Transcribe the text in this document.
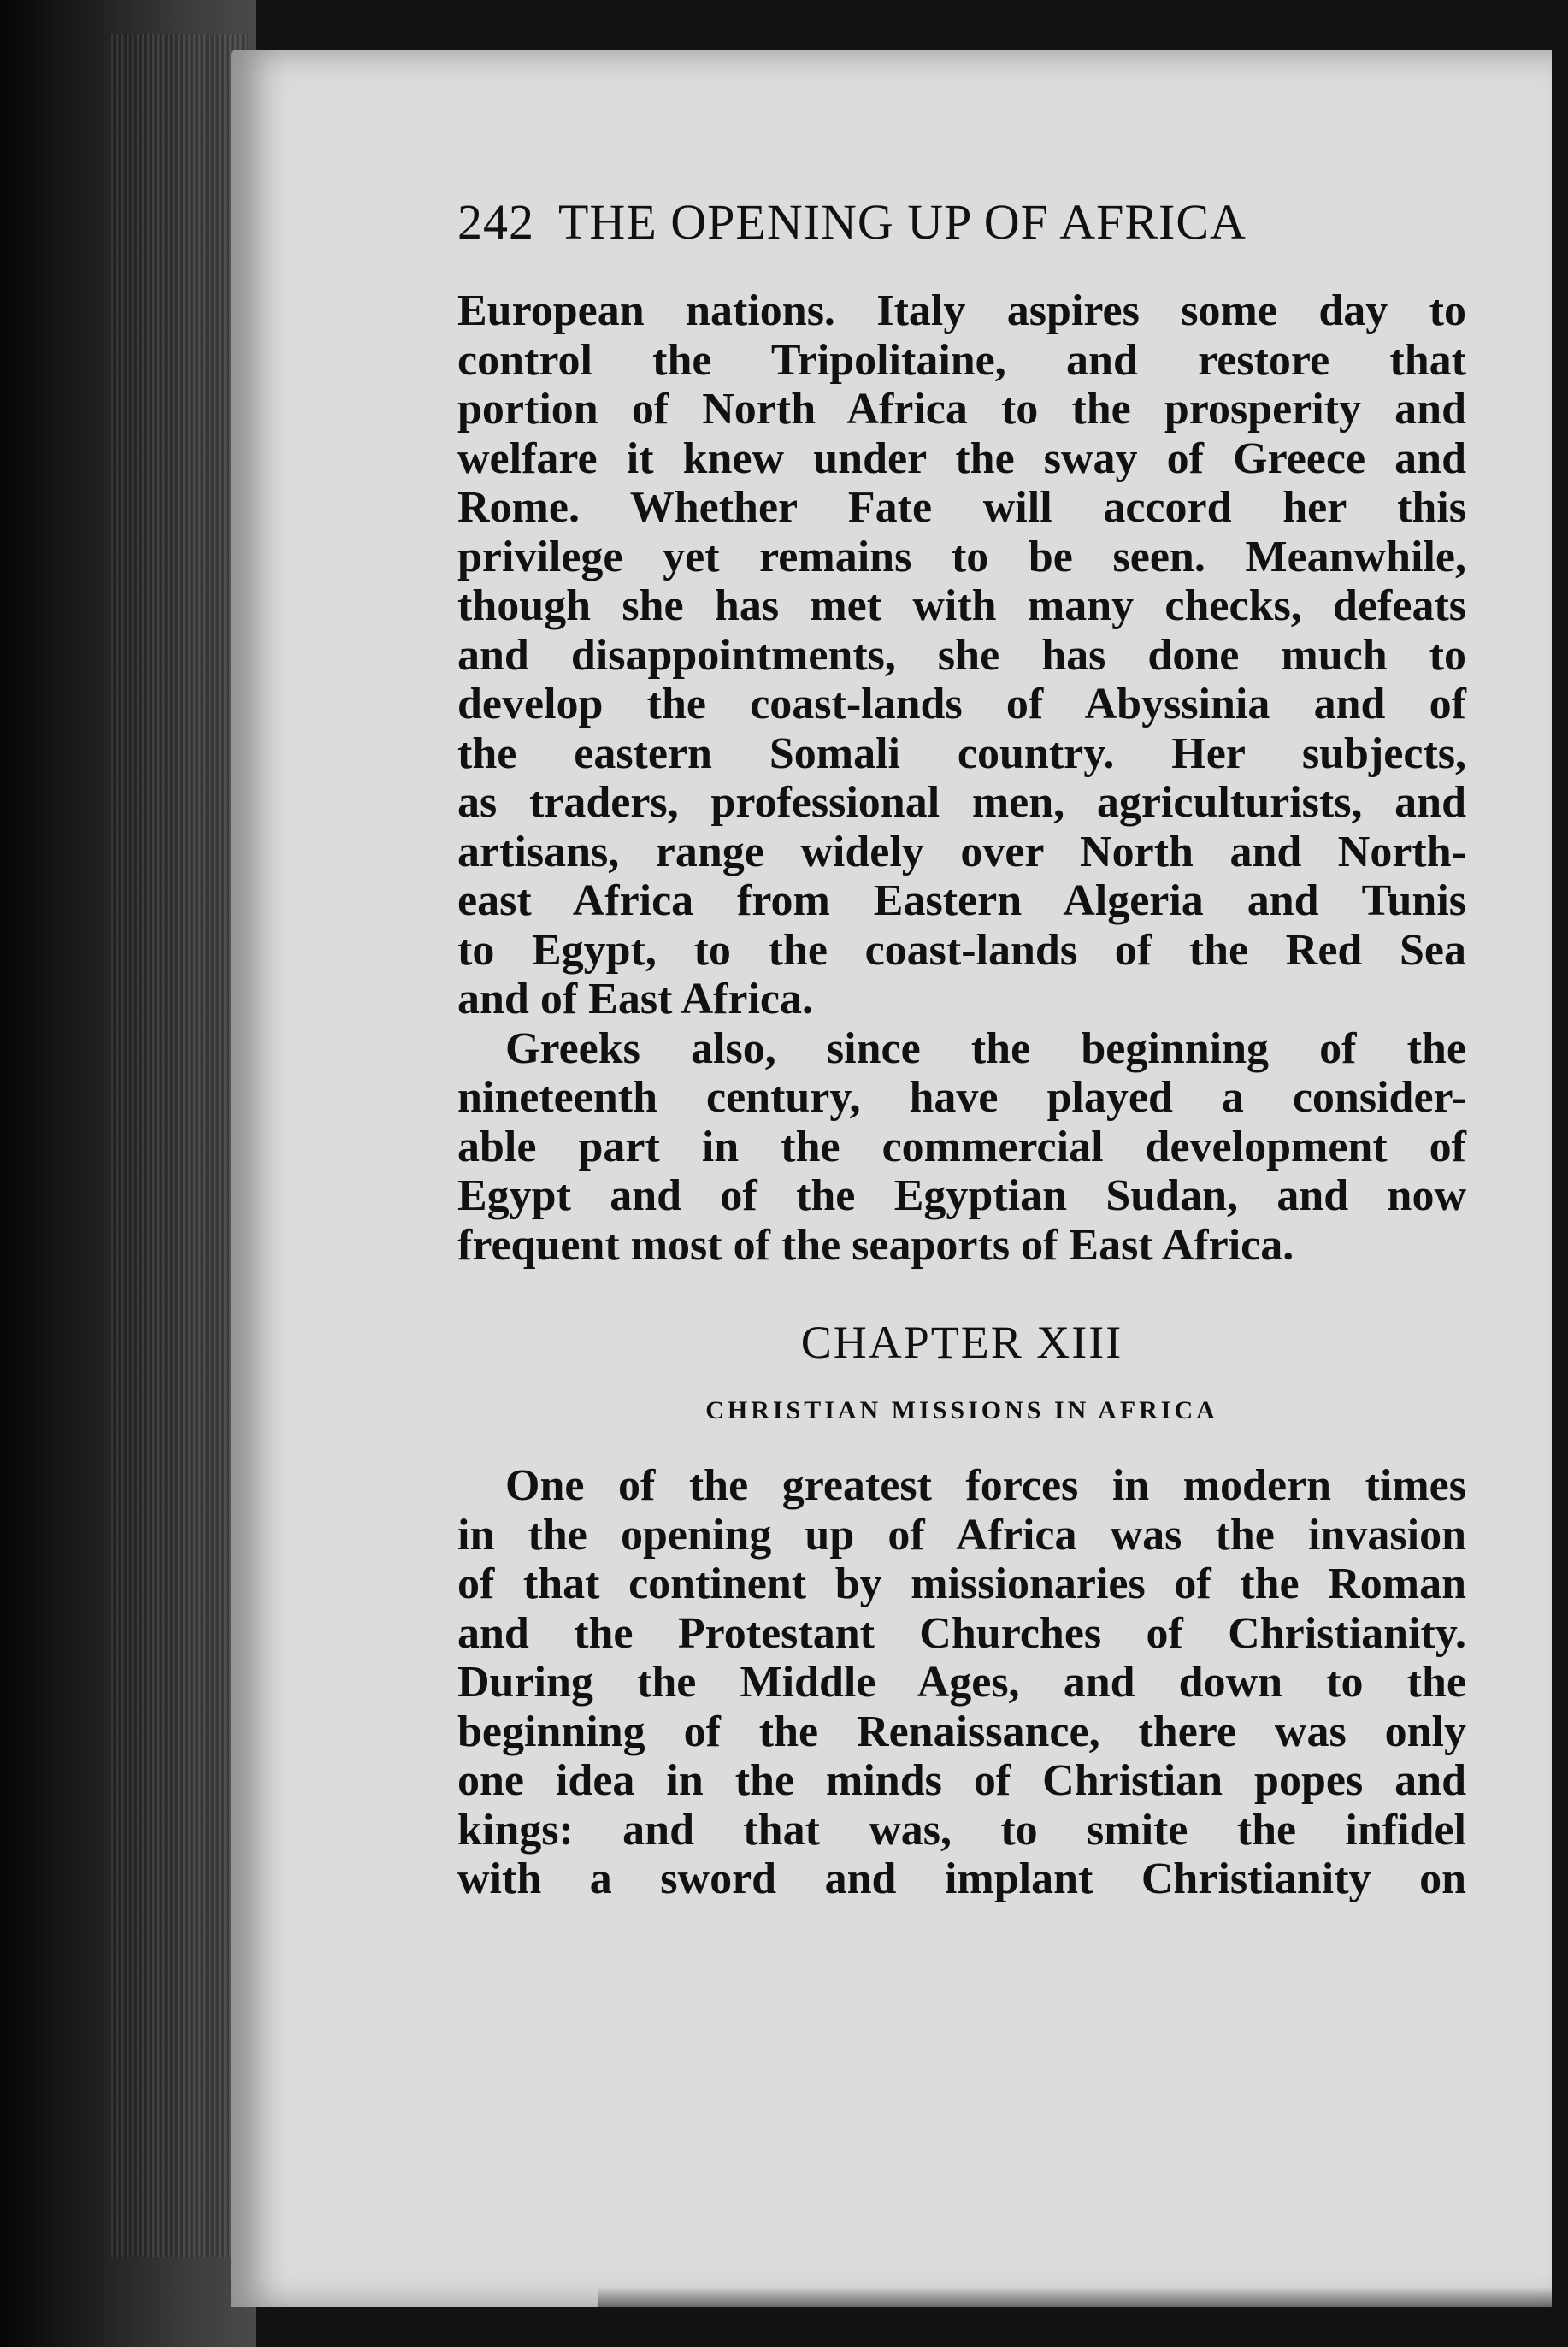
242 THE OPENING UP OF AFRICA
European nations. Italy aspires some day to
control the Tripolitaine, and restore that
portion of North Africa to the prosperity and
welfare it knew under the sway of Greece and
Rome. Whether Fate will accord her this
privilege yet remains to be seen. Meanwhile,
though she has met with many checks, defeats
and disappointments, she has done much to
develop the coast-lands of Abyssinia and of
the eastern Somali country. Her subjects,
as traders, professional men, agriculturists, and
artisans, range widely over North and North-
east Africa from Eastern Algeria and Tunis
to Egypt, to the coast-lands of the Red Sea
and of East Africa.
Greeks also, since the beginning of the
nineteenth century, have played a consider-
able part in the commercial development of
Egypt and of the Egyptian Sudan, and now
frequent most of the seaports of East Africa.
CHAPTER XIII
CHRISTIAN MISSIONS IN AFRICA
One of the greatest forces in modern times
in the opening up of Africa was the invasion
of that continent by missionaries of the Roman
and the Protestant Churches of Christianity.
During the Middle Ages, and down to the
beginning of the Renaissance, there was only
one idea in the minds of Christian popes and
kings: and that was, to smite the infidel
with a sword and implant Christianity on
